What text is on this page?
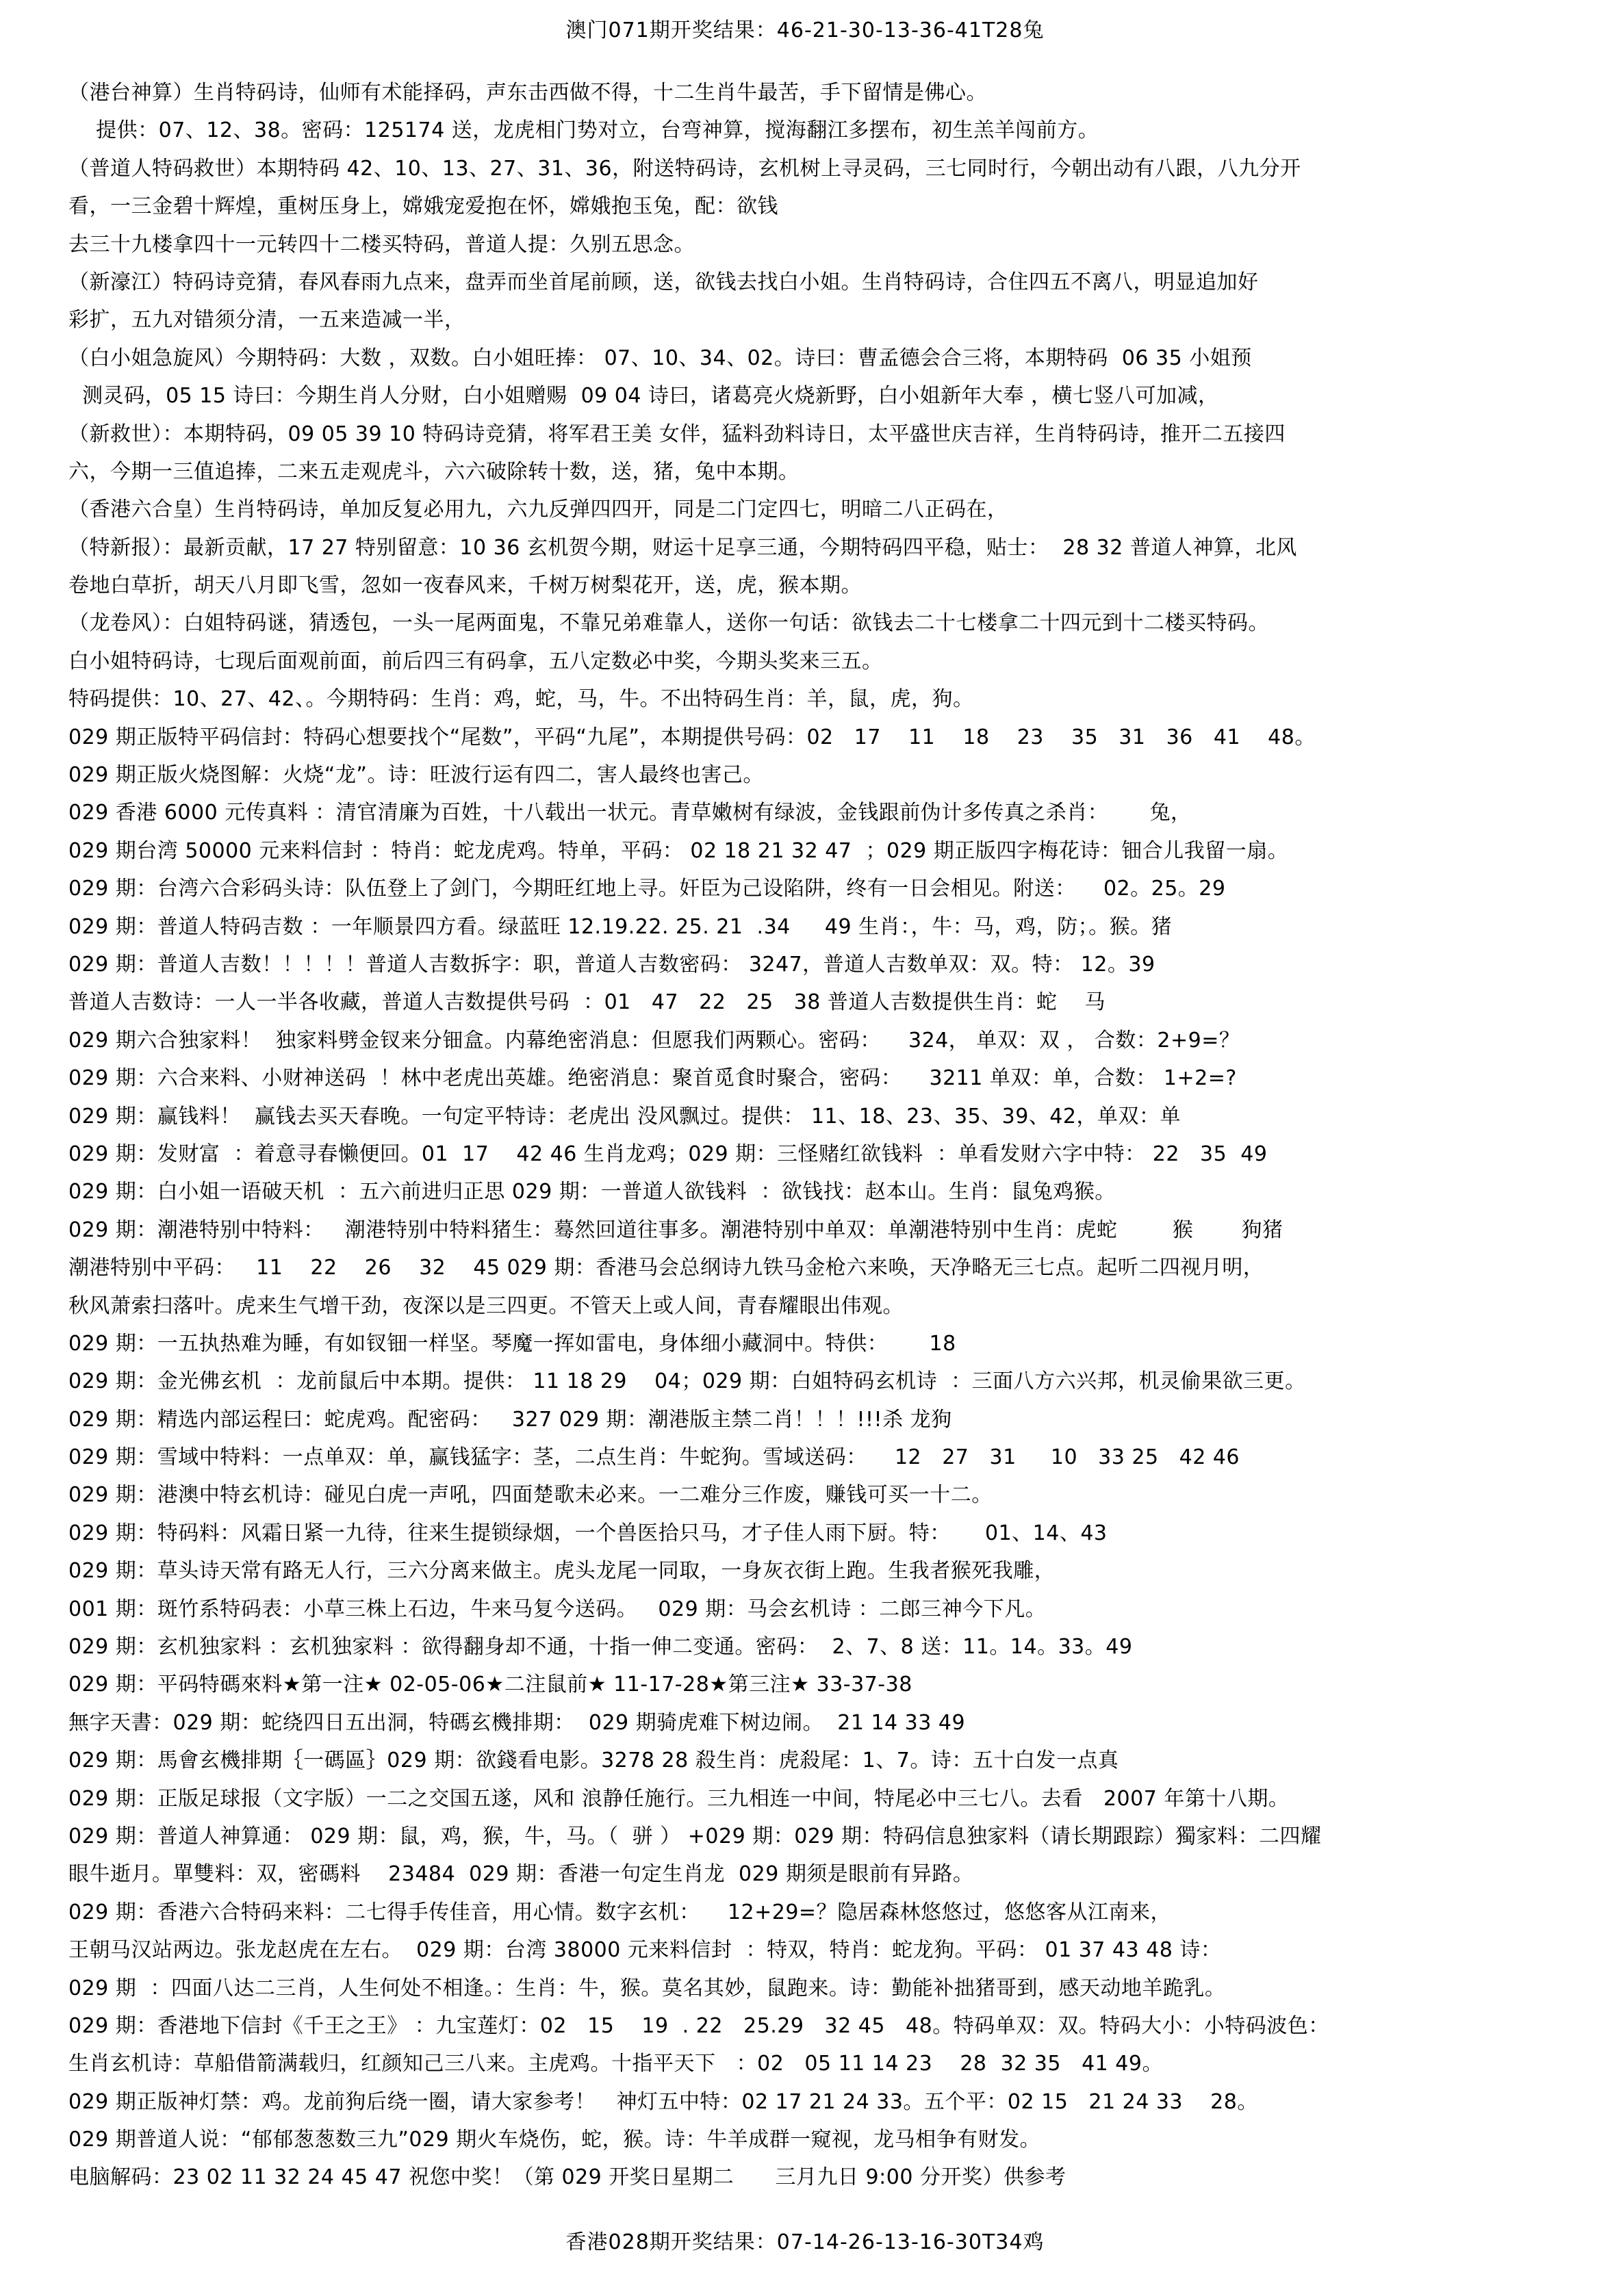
澳门071期开奖结果：46-21-30-13-36-41T28兔
（港台神算）生肖特码诗，仙师有术能择码，声东击西做不得，十二生肖牛最苦，手下留情是佛心。
提供：07、12、38。密码：125174 送，龙虎相门势对立，台弯神算，搅海翻江多摆布，初生羔羊闯前方。
（普道人特码救世）本期特码 42、10、13、27、31、36，附送特码诗，玄机树上寻灵码，三七同时行，今朝出动有八跟，八九分开
看，一三金碧十辉煌，重树压身上，嫦娥宠爱抱在怀，嫦娥抱玉兔，配：欲钱
去三十九楼拿四十一元转四十二楼买特码，普道人提：久别五思念。
（新濠江）特码诗竞猜，春风春雨九点来，盘弄而坐首尾前顾，送，欲钱去找白小姐。生肖特码诗，合住四五不离八，明显追加好
彩扩，五九对错须分清，一五来造减一半，
（白小姐急旋风）今期特码：大数 ，双数。白小姐旺捧： 07、10、34、02。诗曰：曹孟德会合三将，本期特码  06 35 小姐预
测灵码，05 15 诗曰：今期生肖人分财，白小姐赠赐  09 04 诗曰，诸葛亮火烧新野，白小姐新年大奉 ，横七竖八可加减，
（新救世）：本期特码，09 05 39 10 特码诗竞猜，将军君王美 女伴，猛料劲料诗日，太平盛世庆吉祥，生肖特码诗，推开二五接四
六，今期一三值追捧，二来五走观虎斗，六六破除转十数，送，猪，兔中本期。
（香港六合皇）生肖特码诗，单加反复必用九，六九反弹四四开，同是二门定四七，明暗二八正码在，
（特新报）：最新贡献，17 27 特别留意：10 36 玄机贺今期，财运十足享三通，今期特码四平稳，贴士：  28 32 普道人神算，北风
卷地白草折，胡天八月即飞雪，忽如一夜春风来，千树万树梨花开，送，虎，猴本期。
（龙卷风）：白姐特码谜，猜透包，一头一尾两面鬼，不靠兄弟难靠人，送你一句话：欲钱去二十七楼拿二十四元到十二楼买特码。
白小姐特码诗，七现后面观前面，前后四三有码拿，五八定数必中奖，今期头奖来三五。
特码提供：10、27、42、。今期特码：生肖：鸡，蛇，马，牛。不出特码生肖：羊，鼠，虎，狗。
029 期正版特平码信封：特码心想要找个“尾数”，平码“九尾”，本期提供号码：02   17    11    18    23    35   31   36   41    48。
029 期正版火烧图解：火烧“龙”。诗：旺波行运有四二，害人最终也害己。
029 香港 6000 元传真料 ：清官清廉为百姓，十八载出一状元。青草嫩树有绿波，金钱跟前伪计多传真之杀肖：      兔，
029 期台湾 50000 元来料信封 ：特肖：蛇龙虎鸡。特单，平码： 02 18 21 32 47  ；029 期正版四字梅花诗：钿合儿我留一扇。
029 期：台湾六合彩码头诗：队伍登上了剑门，今期旺红地上寻。奸臣为己设陷阱，终有一日会相见。附送：    02。25。29
029 期：普道人特码吉数 ：一年顺景四方看。绿蓝旺 12.19.22. 25. 21  .34     49 生肖：，牛：马，鸡，防；。猴。猪
029 期：普道人吉数！！！！！普道人吉数拆字：职，普道人吉数密码： 3247，普道人吉数单双：双。特： 12。39
普道人吉数诗：一人一半各收藏，普道人吉数提供号码  ：01   47   22   25   38 普道人吉数提供生肖：蛇    马
029 期六合独家料！  独家料劈金钗来分钿盒。内幕绝密消息：但愿我们两颗心。密码：    324， 单双：双 ， 合数：2+9=？
029 期：六合来料、小财神送码  ！林中老虎出英雄。绝密消息：聚首觅食时聚合，密码：    3211 单双：单，合数： 1+2=?
029 期：赢钱料！  赢钱去买天春晚。一句定平特诗：老虎出 没风飘过。提供： 11、18、23、35、39、42，单双：单
029 期：发财富  ：着意寻春懒便回。01  17    42 46 生肖龙鸡；029 期：三怪赌红欲钱料  ：单看发财六字中特： 22   35  49
029 期：白小姐一语破天机  ：五六前进归正思 029 期：一普道人欲钱料  ：欲钱找：赵本山。生肖：鼠兔鸡猴。
029 期：潮港特别中特料：   潮港特别中特料猪生：蓦然回道往事多。潮港特别中单双：单潮港特别中生肖：虎蛇        猴       狗猪
潮港特别中平码：   11    22    26    32    45 029 期：香港马会总纲诗九铁马金枪六来唤，天净略无三七点。起听二四视月明，
秋风萧索扫落叶。虎来生气增干劲，夜深以是三四更。不管天上或人间，青春耀眼出伟观。
029 期：一五执热难为睡，有如钗钿一样坚。琴魔一挥如雷电，身体细小藏洞中。特供：      18
029 期：金光佛玄机  ：龙前鼠后中本期。提供： 11 18 29    04；029 期：白姐特码玄机诗  ：三面八方六兴邦，机灵偷果欲三更。
029 期：精选内部运程曰：蛇虎鸡。配密码：   327 029 期：潮港版主禁二肖！！！!!!杀 龙狗
029 期：雪域中特料：一点单双：单，赢钱猛字：茎，二点生肖：牛蛇狗。雪域送码：    12   27   31     10   33 25   42 46
029 期：港澳中特玄机诗：碰见白虎一声吼，四面楚歌未必来。一二难分三作废，赚钱可买一十二。
029 期：特码料：风霜日紧一九待，往来生提锁绿烟，一个兽医拾只马，才子佳人雨下厨。特：     01、14、43
029 期：草头诗天常有路无人行，三六分离来做主。虎头龙尾一同取，一身灰衣街上跑。生我者猴死我雕，
001 期：斑竹系特码表：小草三株上石边，牛来马复今送码。   029 期：马会玄机诗 ：二郎三神今下凡。
029 期：玄机独家料 ：玄机独家料 ：欲得翻身却不通，十指一伸二变通。密码：  2、7、8 送：11。14。33。49
029 期：平码特碼來料★第一注★ 02-05-06★二注鼠前★ 11-17-28★第三注★ 33-37-38
無字天書：029 期：蛇绕四日五出洞，特碼玄機排期：  029 期骑虎难下树边闹。  21 14 33 49
029 期：馬會玄機排期｛一碼區｝029 期：欲錢看电影。3278 28 殺生肖：虎殺尾：1、7。诗：五十白发一点真
029 期：正版足球报（文字版）一二之交国五遂，风和 浪静任施行。三九相连一中间，特尾必中三七八。去看   2007 年第十八期。
029 期：普道人神算通： 029 期：鼠，鸡，猴，牛，马。（  骈 ） +029 期：029 期：特码信息独家料（请长期跟踪）獨家料：二四耀
眼牛逝月。單雙料：双，密碼料    23484  029 期：香港一句定生肖龙  029 期须是眼前有异路。
029 期：香港六合特码来料：二七得手传佳音，用心情。数字玄机：    12+29=？隐居森林悠悠过，悠悠客从江南来，
王朝马汉站两边。张龙赵虎在左右。  029 期：台湾 38000 元来料信封  ：特双，特肖：蛇龙狗。平码： 01 37 43 48 诗：
029 期  ：四面八达二三肖，人生何处不相逢。：生肖：牛，猴。莫名其妙，鼠跑来。诗：勤能补拙猪哥到，感天动地羊跪乳。
029 期：香港地下信封《千王之王》 ：九宝莲灯：02   15    19  . 22   25.29   32 45   48。特码单双：双。特码大小：小特码波色：
生肖玄机诗：草船借箭满载归，红颜知己三八来。主虎鸡。十指平天下   ：02   05 11 14 23    28  32 35   41 49。
029 期正版神灯禁：鸡。龙前狗后绕一圈，请大家参考！   神灯五中特：02 17 21 24 33。五个平：02 15   21 24 33    28。
029 期普道人说：“郁郁葱葱数三九”029 期火车烧伤，蛇，猴。诗：牛羊成群一窥视，龙马相争有财发。
电脑解码：23 02 11 32 24 45 47 祝您中奖！（第 029 开奖日星期二      三月九日 9:00 分开奖）供参考
香港028期开奖结果：07-14-26-13-16-30T34鸡
